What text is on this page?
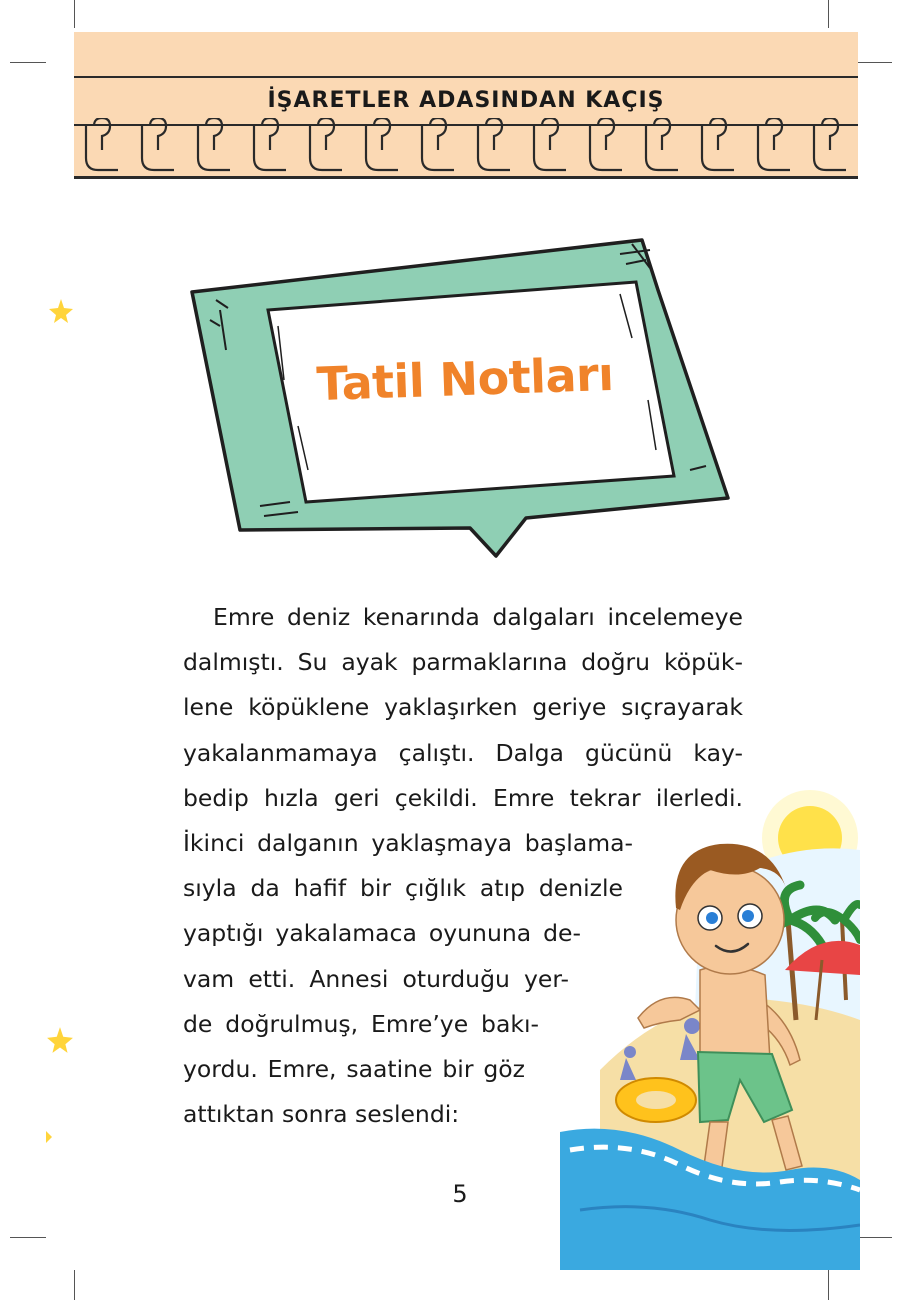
İŞARETLER ADASINDAN KAÇIŞ
Tatil Notları
Emre deniz kenarında dalgaları incelemeye
dalmıştı. Su ayak parmaklarına doğru köpük-
lene köpüklene yaklaşırken geriye sıçrayarak
yakalanmamaya çalıştı. Dalga gücünü kay-
bedip hızla geri çekildi. Emre tekrar ilerledi.
İkinci dalganın yaklaşmaya başlama-
sıyla da hafif bir çığlık atıp denizle
yaptığı yakalamaca oyununa de-
vam etti. Annesi oturduğu yer-
de doğrulmuş, Emre’ye bakı-
yordu. Emre, saatine bir göz
attıktan sonra seslendi:
5
